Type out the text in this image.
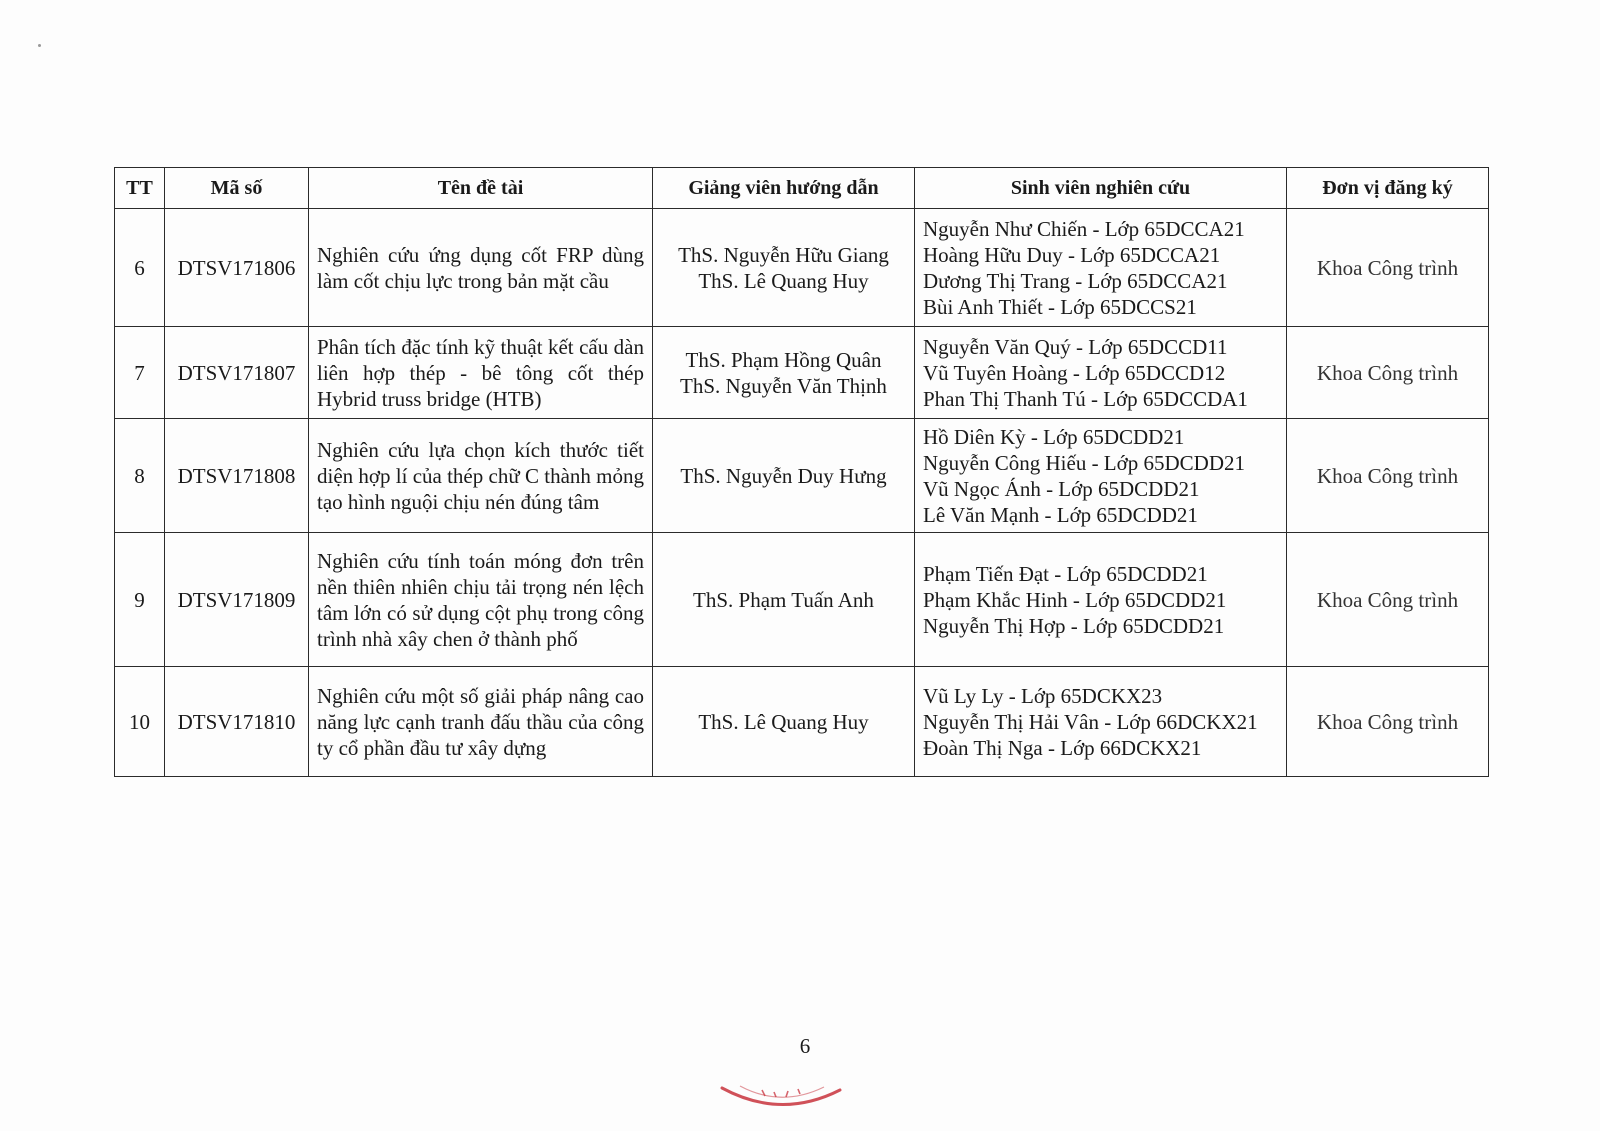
TT	Mã số	Tên đề tài	Giảng viên hướng dẫn	Sinh viên nghiên cứu	Đơn vị đăng ký
6	DTSV171806	Nghiên cứu ứng dụng cốt FRP dùng làm cốt chịu lực trong bản mặt cầu	ThS. Nguyễn Hữu Giang
ThS. Lê Quang Huy	Nguyễn Như Chiến - Lớp 65DCCA21
Hoàng Hữu Duy - Lớp 65DCCA21
Dương Thị Trang - Lớp 65DCCA21
Bùi Anh Thiết - Lớp 65DCCS21	Khoa Công trình
7	DTSV171807	Phân tích đặc tính kỹ thuật kết cấu dàn liên hợp thép - bê tông cốt thép Hybrid truss bridge (HTB)	ThS. Phạm Hồng Quân
ThS. Nguyễn Văn Thịnh	Nguyễn Văn Quý - Lớp 65DCCD11
Vũ Tuyên Hoàng - Lớp 65DCCD12
Phan Thị Thanh Tú - Lớp 65DCCDA1	Khoa Công trình
8	DTSV171808	Nghiên cứu lựa chọn kích thước tiết diện hợp lí của thép chữ C thành mỏng tạo hình nguội chịu nén đúng tâm	ThS. Nguyễn Duy Hưng	Hồ Diên Kỳ - Lớp 65DCDD21
Nguyễn Công Hiếu - Lớp 65DCDD21
Vũ Ngọc Ánh - Lớp 65DCDD21
Lê Văn Mạnh - Lớp 65DCDD21	Khoa Công trình
9	DTSV171809	Nghiên cứu tính toán móng đơn trên nền thiên nhiên chịu tải trọng nén lệch tâm lớn có sử dụng cột phụ trong công trình nhà xây chen ở thành phố	ThS. Phạm Tuấn Anh	Phạm Tiến Đạt - Lớp 65DCDD21
Phạm Khắc Hinh - Lớp 65DCDD21
Nguyễn Thị Hợp - Lớp 65DCDD21	Khoa Công trình
10	DTSV171810	Nghiên cứu một số giải pháp nâng cao năng lực cạnh tranh đấu thầu của công ty cổ phần đầu tư xây dựng	ThS. Lê Quang Huy	Vũ Ly Ly - Lớp 65DCKX23
Nguyễn Thị Hải Vân - Lớp 66DCKX21
Đoàn Thị Nga - Lớp 66DCKX21	Khoa Công trình
6
